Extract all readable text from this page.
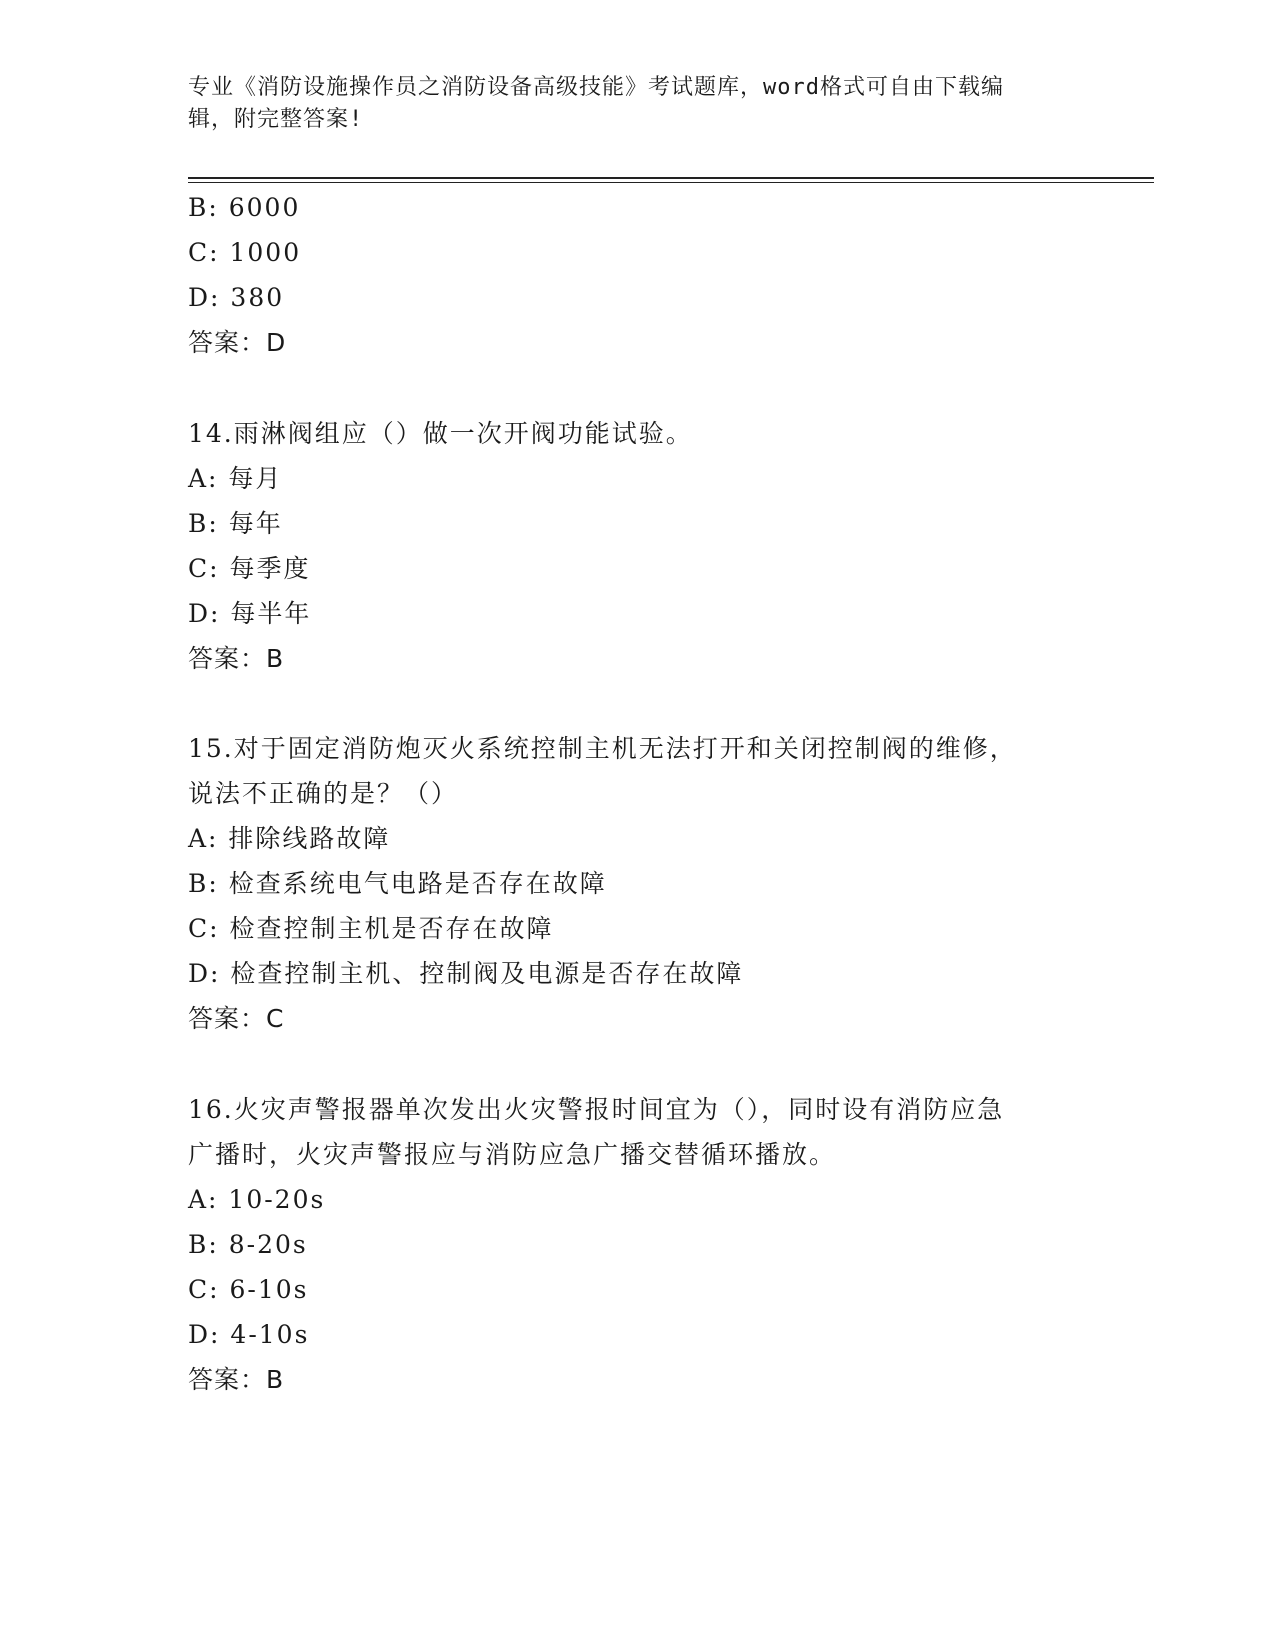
专业《消防设施操作员之消防设备高级技能》考试题库，word格式可自由下载编
辑，附完整答案!
B: 6000
C: 1000
D: 380
答案：D
14.雨淋阀组应（）做一次开阀功能试验。
A: 每月
B: 每年
C: 每季度
D: 每半年
答案：B
15.对于固定消防炮灭火系统控制主机无法打开和关闭控制阀的维修，
说法不正确的是？（）
A: 排除线路故障
B: 检查系统电气电路是否存在故障
C: 检查控制主机是否存在故障
D: 检查控制主机、控制阀及电源是否存在故障
答案：C
16.火灾声警报器单次发出火灾警报时间宜为（），同时设有消防应急
广播时，火灾声警报应与消防应急广播交替循环播放。
A: 10-20s
B: 8-20s
C: 6-10s
D: 4-10s
答案：B
